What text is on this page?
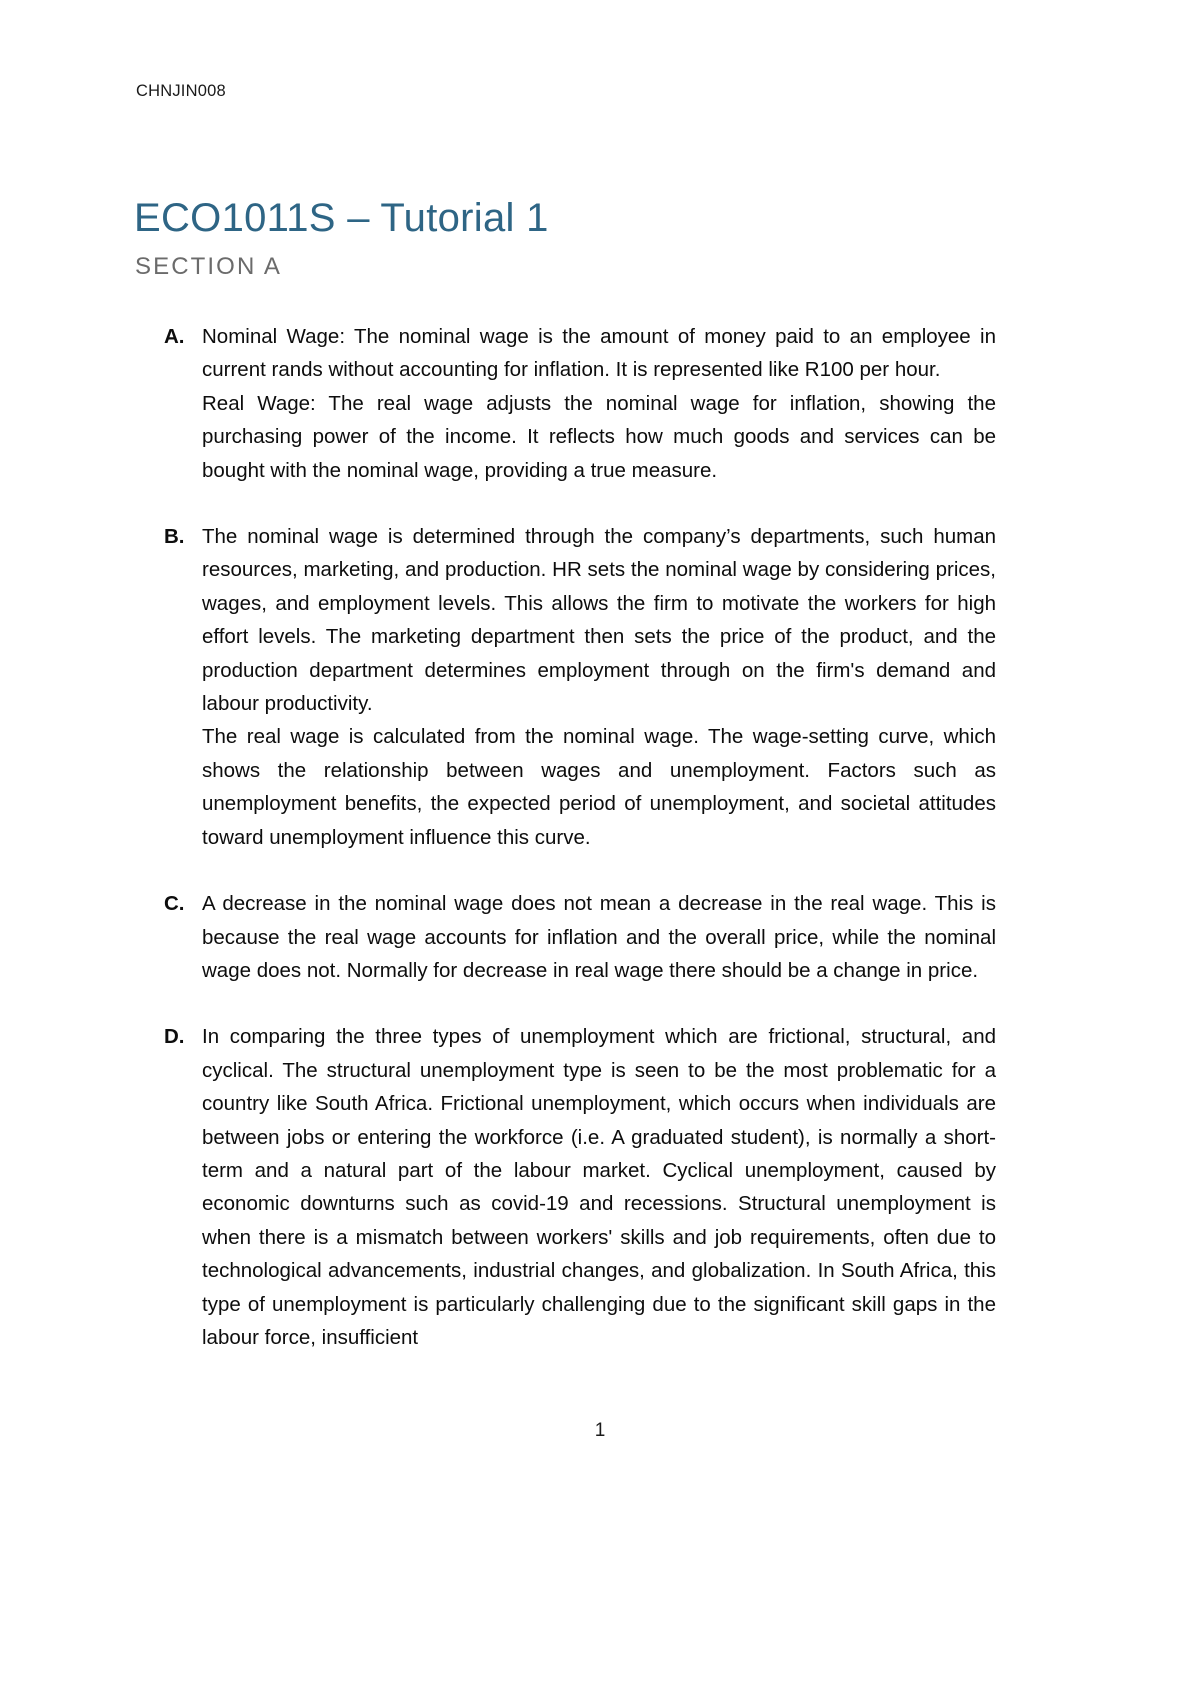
CHNJIN008
ECO1011S – Tutorial 1
SECTION A
A. Nominal Wage: The nominal wage is the amount of money paid to an employee in current rands without accounting for inflation. It is represented like R100 per hour.

Real Wage: The real wage adjusts the nominal wage for inflation, showing the purchasing power of the income. It reflects how much goods and services can be bought with the nominal wage, providing a true measure.

B. The nominal wage is determined through the company’s departments, such human resources, marketing, and production. HR sets the nominal wage by considering prices, wages, and employment levels. This allows the firm to motivate the workers for high effort levels. The marketing department then sets the price of the product, and the production department determines employment through on the firm's demand and labour productivity.

The real wage is calculated from the nominal wage. The wage-setting curve, which shows the relationship between wages and unemployment. Factors such as unemployment benefits, the expected period of unemployment, and societal attitudes toward unemployment influence this curve.

C. A decrease in the nominal wage does not mean a decrease in the real wage. This is because the real wage accounts for inflation and the overall price, while the nominal wage does not. Normally for decrease in real wage there should be a change in price.

D. In comparing the three types of unemployment which are frictional, structural, and cyclical. The structural unemployment type is seen to be the most problematic for a country like South Africa. Frictional unemployment, which occurs when individuals are between jobs or entering the workforce (i.e. A graduated student), is normally a short-term and a natural part of the labour market. Cyclical unemployment, caused by economic downturns such as covid-19 and recessions. Structural unemployment is when there is a mismatch between workers' skills and job requirements, often due to technological advancements, industrial changes, and globalization. In South Africa, this type of unemployment is particularly challenging due to the significant skill gaps in the labour force, insufficient

1
